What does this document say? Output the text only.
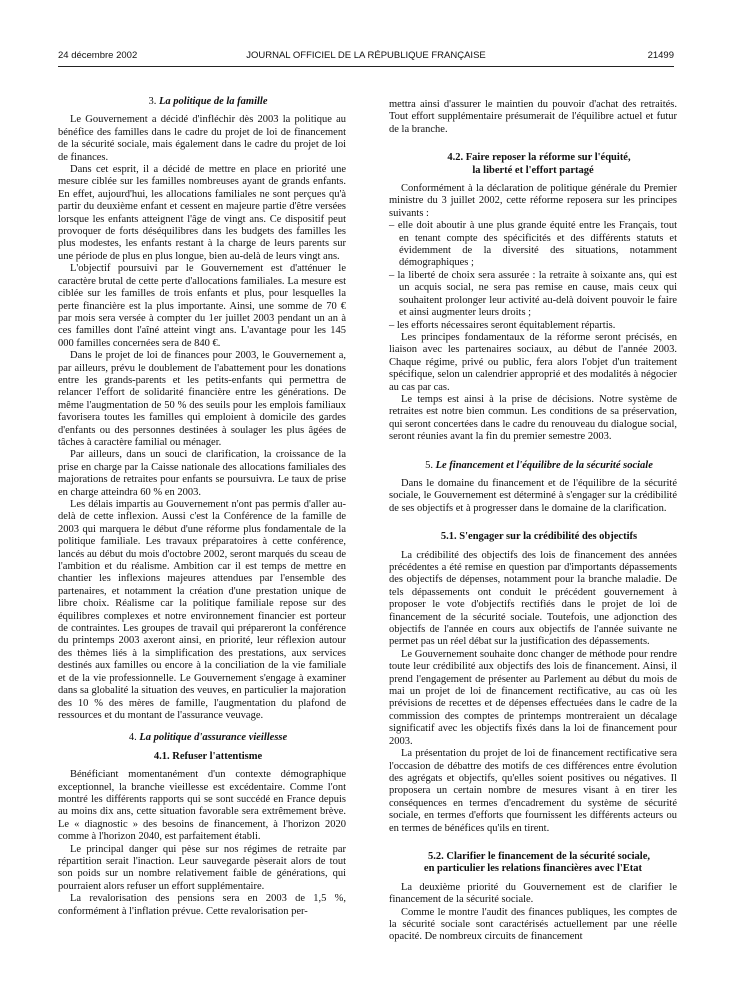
24 décembre 2002	JOURNAL OFFICIEL DE LA RÉPUBLIQUE FRANÇAISE	21499

3. La politique de la famille

Le Gouvernement a décidé d'infléchir dès 2003 la politique au bénéfice des familles dans le cadre du projet de loi de financement de la sécurité sociale, mais également dans le cadre du projet de loi de finances.

Dans cet esprit, il a décidé de mettre en place en priorité une mesure ciblée sur les familles nombreuses ayant de grands enfants. En effet, aujourd'hui, les allocations familiales ne sont perçues qu'à partir du deuxième enfant et cessent en majeure partie d'être versées lorsque les enfants atteignent l'âge de vingt ans. Ce dispositif peut provoquer de forts déséquilibres dans les budgets des familles les plus modestes, les enfants restant à la charge de leurs parents sur une période de plus en plus longue, bien au-delà de leurs vingt ans.

L'objectif poursuivi par le Gouvernement est d'atténuer le caractère brutal de cette perte d'allocations familiales. La mesure est ciblée sur les familles de trois enfants et plus, pour lesquelles la perte financière est la plus importante. Ainsi, une somme de 70 € par mois sera versée à compter du 1er juillet 2003 pendant un an à ces familles dont l'aîné atteint vingt ans. L'avantage pour les 145 000 familles concernées sera de 840 €.

Dans le projet de loi de finances pour 2003, le Gouvernement a, par ailleurs, prévu le doublement de l'abattement pour les donations entre les grands-parents et les petits-enfants qui permettra de relancer l'effort de solidarité financière entre les générations. De même l'augmentation de 50 % des seuils pour les emplois familiaux favorisera toutes les familles qui emploient à domicile des gardes d'enfants ou des personnes destinées à soulager les plus âgées de tâches à caractère familial ou ménager.

Par ailleurs, dans un souci de clarification, la croissance de la prise en charge par la Caisse nationale des allocations familiales des majorations de retraites pour enfants se poursuivra. Le taux de prise en charge atteindra 60 % en 2003.

Les délais impartis au Gouvernement n'ont pas permis d'aller au-delà de cette inflexion. Aussi c'est la Conférence de la famille de 2003 qui marquera le début d'une réforme plus fondamentale de la politique familiale. Les travaux préparatoires à cette conférence, lancés au début du mois d'octobre 2002, seront marqués du sceau de l'ambition et du réalisme. Ambition car il est temps de mettre en chantier les inflexions majeures attendues par l'ensemble des partenaires, et notamment la création d'une prestation unique de libre choix. Réalisme car la politique familiale repose sur des équilibres complexes et notre environnement financier est porteur de contraintes. Les groupes de travail qui prépareront la conférence du printemps 2003 axeront ainsi, en priorité, leur réflexion autour des thèmes liés à la simplification des prestations, aux services destinés aux familles ou encore à la conciliation de la vie familiale et de la vie professionnelle. Le Gouvernement s'engage à examiner dans sa globalité la situation des veuves, en particulier la majoration des 10 % des mères de famille, l'augmentation du plafond de ressources et du montant de l'assurance veuvage.

4. La politique d'assurance vieillesse

4.1. Refuser l'attentisme

Bénéficiant momentanément d'un contexte démographique exceptionnel, la branche vieillesse est excédentaire. Comme l'ont montré les différents rapports qui se sont succédé en France depuis au moins dix ans, cette situation favorable sera extrêmement brève. Le « diagnostic » des besoins de financement, à l'horizon 2020 comme à l'horizon 2040, est parfaitement établi.

Le principal danger qui pèse sur nos régimes de retraite par répartition serait l'inaction. Leur sauvegarde pèserait alors de tout son poids sur un nombre relativement faible de générations, qui pourraient alors refuser un effort supplémentaire.

La revalorisation des pensions sera en 2003 de 1,5 %, conformément à l'inflation prévue. Cette revalorisation per-

mettra ainsi d'assurer le maintien du pouvoir d'achat des retraités. Tout effort supplémentaire présumerait de l'équilibre actuel et futur de la branche.

4.2. Faire reposer la réforme sur l'équité,
la liberté et l'effort partagé

Conformément à la déclaration de politique générale du Premier ministre du 3 juillet 2002, cette réforme reposera sur les principes suivants :

– elle doit aboutir à une plus grande équité entre les Français, tout en tenant compte des spécificités et des différents statuts et évidemment de la diversité des situations, notamment démographiques ;
– la liberté de choix sera assurée : la retraite à soixante ans, qui est un acquis social, ne sera pas remise en cause, mais ceux qui souhaitent prolonger leur activité au-delà doivent pouvoir le faire et ainsi augmenter leurs droits ;
– les efforts nécessaires seront équitablement répartis.

Les principes fondamentaux de la réforme seront précisés, en liaison avec les partenaires sociaux, au début de l'année 2003. Chaque régime, privé ou public, fera alors l'objet d'un traitement spécifique, selon un calendrier approprié et des modalités à négocier au cas par cas.

Le temps est ainsi à la prise de décisions. Notre système de retraites est notre bien commun. Les conditions de sa préservation, qui seront concertées dans le cadre du renouveau du dialogue social, seront réunies avant la fin du premier semestre 2003.

5. Le financement et l'équilibre de la sécurité sociale

Dans le domaine du financement et de l'équilibre de la sécurité sociale, le Gouvernement est déterminé à s'engager sur la crédibilité de ses objectifs et à progresser dans le domaine de la clarification.

5.1. S'engager sur la crédibilité des objectifs

La crédibilité des objectifs des lois de financement des années précédentes a été remise en question par d'importants dépassements des objectifs de dépenses, notamment pour la branche maladie. De tels dépassements ont conduit le précédent gouvernement à proposer le vote d'objectifs rectifiés dans le projet de loi de financement de la sécurité sociale. Toutefois, une adjonction des objectifs de l'année en cours aux objectifs de l'année suivante ne permet pas un réel débat sur la justification des dépassements.

Le Gouvernement souhaite donc changer de méthode pour rendre toute leur crédibilité aux objectifs des lois de financement. Ainsi, il prend l'engagement de présenter au Parlement au début du mois de mai un projet de loi de financement rectificative, au cas où les prévisions de recettes et de dépenses effectuées dans le cadre de la commission des comptes de printemps montreraient un décalage significatif avec les objectifs fixés dans la loi de financement pour 2003.

La présentation du projet de loi de financement rectificative sera l'occasion de débattre des motifs de ces différences entre évolution des agrégats et objectifs, qu'elles soient positives ou négatives. Il proposera un certain nombre de mesures visant à en tirer les conséquences en termes d'encadrement du système de sécurité sociale, en termes d'efforts que fournissent les différents acteurs ou en termes de bénéfices qu'ils en tirent.

5.2. Clarifier le financement de la sécurité sociale,
en particulier les relations financières avec l'Etat

La deuxième priorité du Gouvernement est de clarifier le financement de la sécurité sociale.

Comme le montre l'audit des finances publiques, les comptes de la sécurité sociale sont caractérisés actuellement par une réelle opacité. De nombreux circuits de financement
